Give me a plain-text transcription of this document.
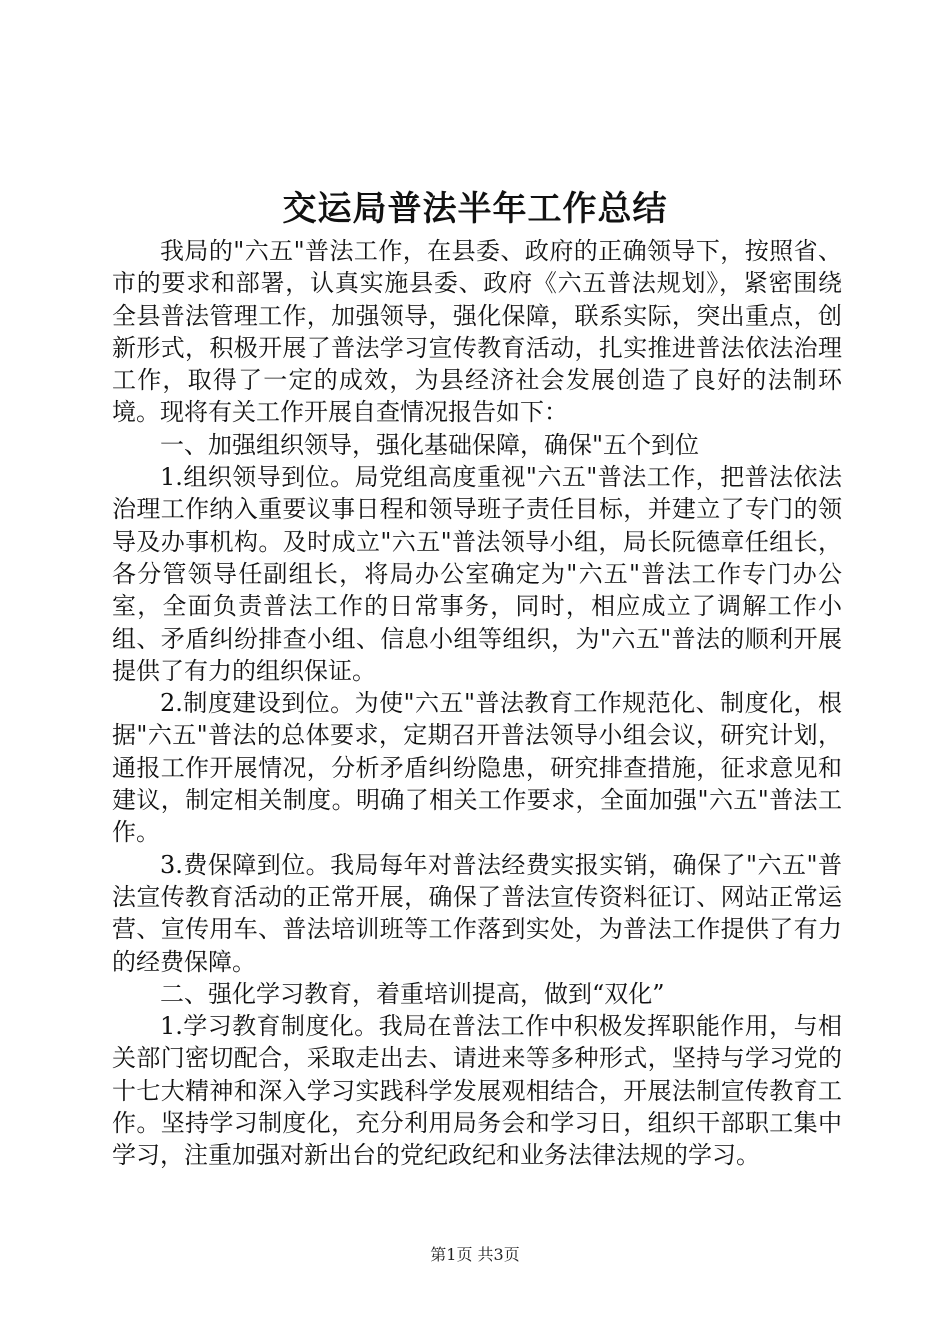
交运局普法半年工作总结

我局的"六五"普法工作，在县委、政府的正确领导下，按照省、市的要求和部署，认真实施县委、政府《六五普法规划》，紧密围绕全县普法管理工作，加强领导，强化保障，联系实际，突出重点，创新形式，积极开展了普法学习宣传教育活动，扎实推进普法依法治理工作，取得了一定的成效，为县经济社会发展创造了良好的法制环境。现将有关工作开展自查情况报告如下：

一、加强组织领导，强化基础保障，确保"五个到位

1.组织领导到位。局党组高度重视"六五"普法工作，把普法依法治理工作纳入重要议事日程和领导班子责任目标，并建立了专门的领导及办事机构。及时成立"六五"普法领导小组，局长阮德章任组长，各分管领导任副组长，将局办公室确定为"六五"普法工作专门办公室，全面负责普法工作的日常事务，同时，相应成立了调解工作小组、矛盾纠纷排查小组、信息小组等组织，为"六五"普法的顺利开展提供了有力的组织保证。

2.制度建设到位。为使"六五"普法教育工作规范化、制度化，根据"六五"普法的总体要求，定期召开普法领导小组会议，研究计划，通报工作开展情况，分析矛盾纠纷隐患，研究排查措施，征求意见和建议，制定相关制度。明确了相关工作要求，全面加强"六五"普法工作。

3.费保障到位。我局每年对普法经费实报实销，确保了"六五"普法宣传教育活动的正常开展，确保了普法宣传资料征订、网站正常运营、宣传用车、普法培训班等工作落到实处，为普法工作提供了有力的经费保障。

二、强化学习教育，着重培训提高，做到“双化”

1.学习教育制度化。我局在普法工作中积极发挥职能作用，与相关部门密切配合，采取走出去、请进来等多种形式，坚持与学习党的十七大精神和深入学习实践科学发展观相结合，开展法制宣传教育工作。坚持学习制度化，充分利用局务会和学习日，组织干部职工集中学习，注重加强对新出台的党纪政纪和业务法律法规的学习。

第1页 共3页
